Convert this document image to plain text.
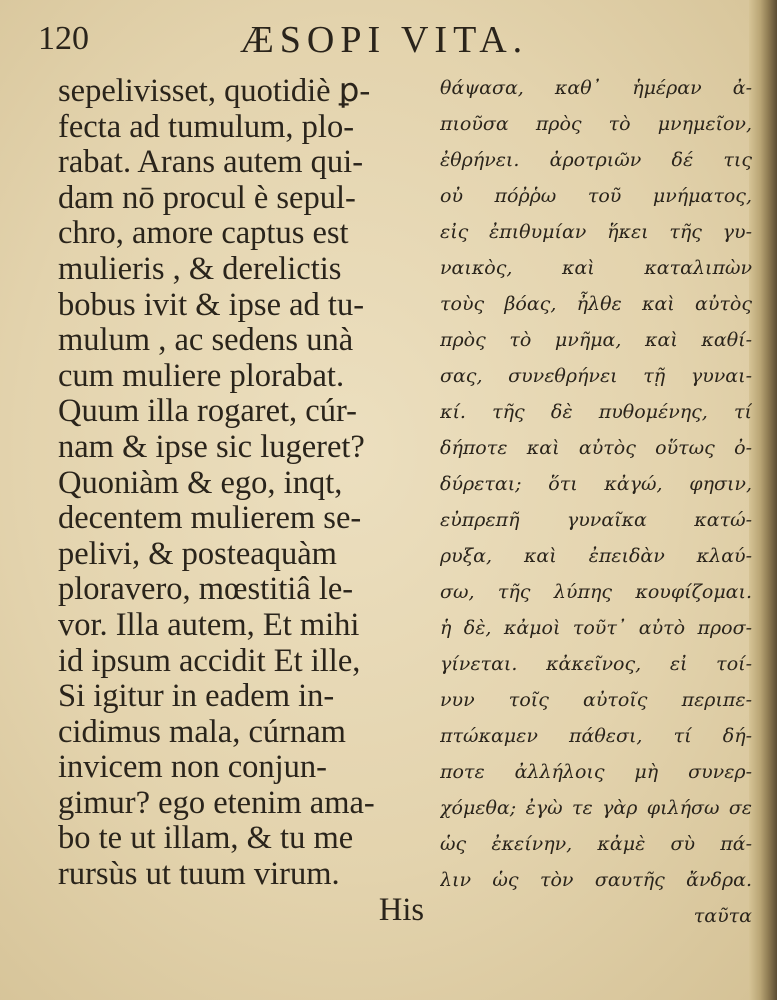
120	ÆSOPI VITA.
sepelivisset, quotidiè ꝑ-
fecta ad tumulum, plo-
rabat. Arans autem qui-
dam nō procul è sepul-
chro, amore captus est
mulieris , & derelictis
bobus ivit & ipse ad tu-
mulum , ac sedens unà
cum muliere plorabat.
Quum illa rogaret, cúr-
nam & ipse sic lugeret?
Quoniàm & ego, inqt,
decentem mulierem se-
pelivi, & posteaquàm
ploravero, mœstitiâ le-
vor. Illa autem, Et mihi
id ipsum accidit Et ille,
Si igitur in eadem in-
cidimus mala, cúrnam
invicem non conjun-
gimur? ego etenim ama-
bo te ut illam, & tu me
rursùs ut tuum virum.
His
θάψασα, καθ᾽ ἡμέραν ἀ-
πιοῦσα πρὸς τὸ μνημεῖον,
ἐθρήνει. ἀροτριῶν δέ τις
οὐ πόῤῥω τοῦ μνήματος,
εἰς ἐπιθυμίαν ἥκει τῆς γυ-
ναικὸς, καὶ καταλιπὼν
τοὺς βόας, ἦλθε καὶ αὐτὸς
πρὸς τὸ μνῆμα, καὶ καθί-
σας, συνεθρήνει τῇ γυναι-
κί. τῆς δὲ πυθομένης, τί
δήποτε καὶ αὐτὸς οὕτως ὀ-
δύρεται; ὅτι κἀγώ, φησιν,
εὐπρεπῆ γυναῖκα κατώ-
ρυξα, καὶ ἐπειδὰν κλαύ-
σω, τῆς λύπης κουφίζομαι.
ἡ δὲ, κἀμοὶ τοῦτ᾽ αὐτὸ προσ-
γίνεται. κἀκεῖνος, εἰ τοί-
νυν τοῖς αὐτοῖς περιπε-
πτώκαμεν πάθεσι, τί δή-
ποτε ἀλλήλοις μὴ συνερ-
χόμεθα; ἐγὼ τε γὰρ φιλήσω σε
ὡς ἐκείνην, κἀμὲ σὺ πά-
λιν ὡς τὸν σαυτῆς ἄνδρα.
ταῦτα
